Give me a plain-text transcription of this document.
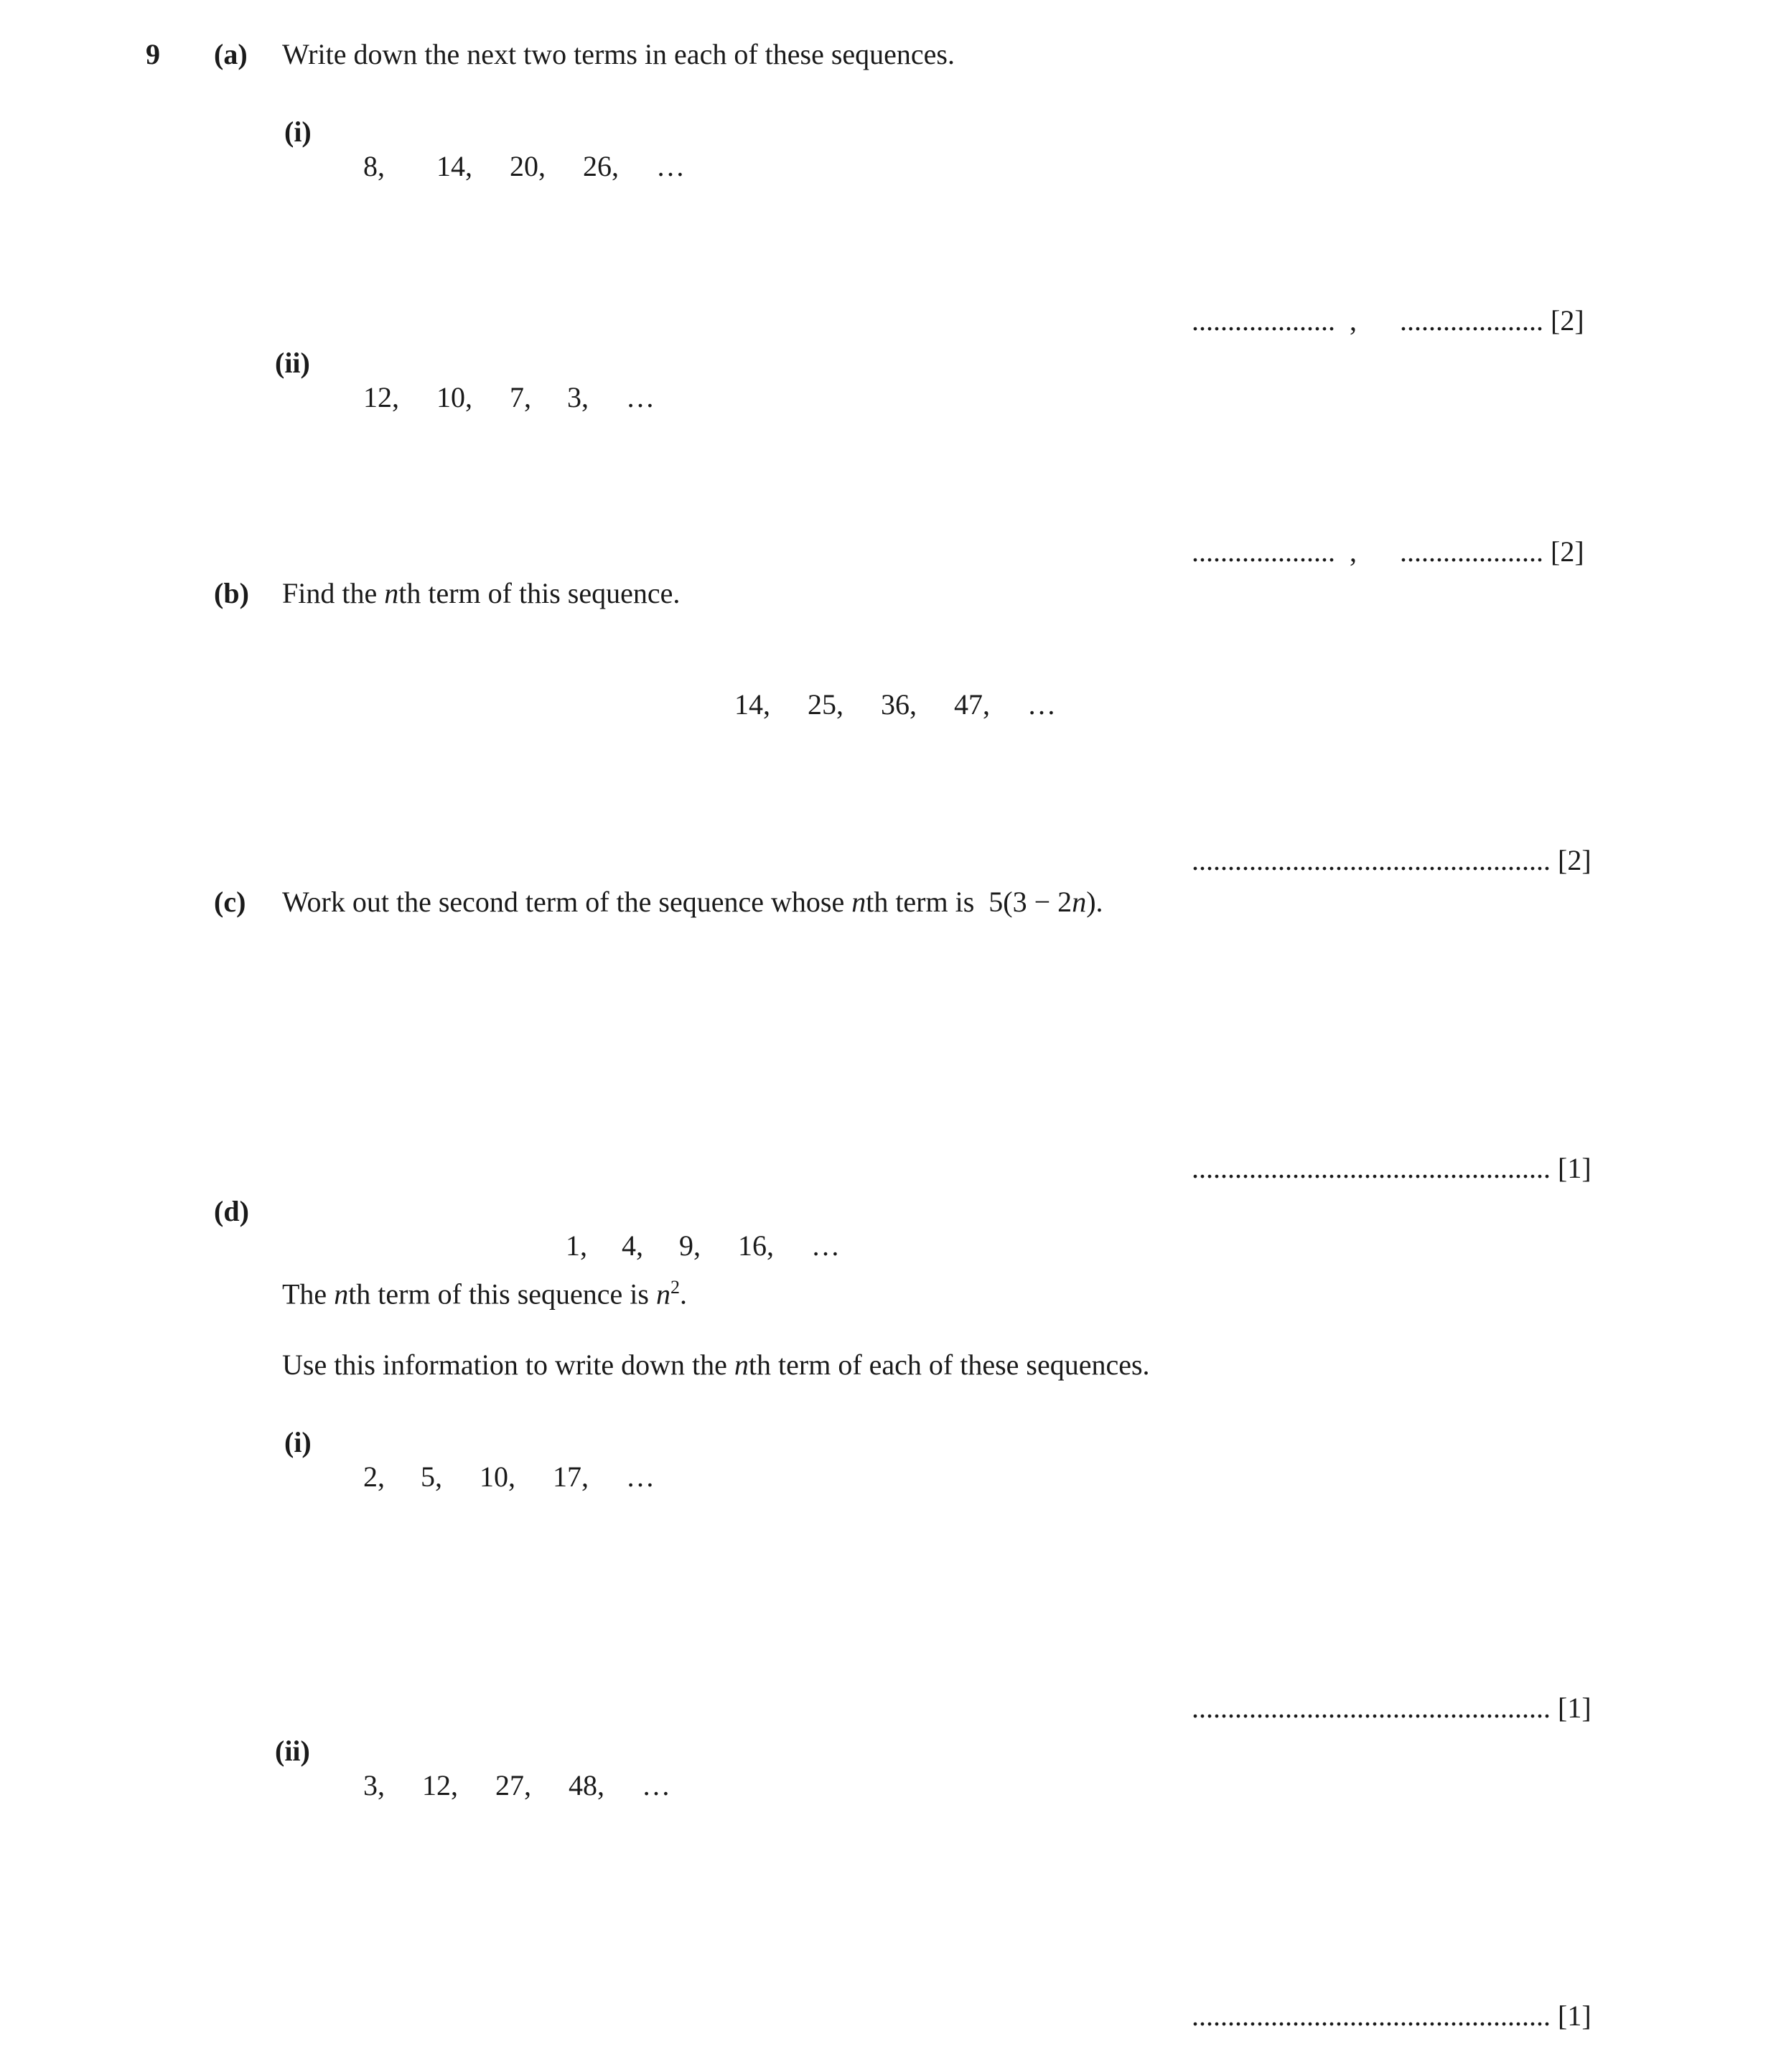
9 (a) Write down the next two terms in each of these sequences.
(i)

8, 14, 20, 26, …

.................... , .................... [2]

(ii)

12, 10, 7, 3, …

.................... , .................... [2]

(b) Find the nth term of this sequence.

14, 25, 36, 47, …

.................................................. [2]

(c) Work out the second term of the sequence whose nth term is  5(3 − 2n).

.................................................. [1]

(d)

1, 4, 9, 16, …

The nth term of this sequence is $n^2$.
Use this information to write down the nth term of each of these sequences.
(i)

2, 5, 10, 17, …

.................................................. [1]

(ii)

3, 12, 27, 48, …

.................................................. [1]
